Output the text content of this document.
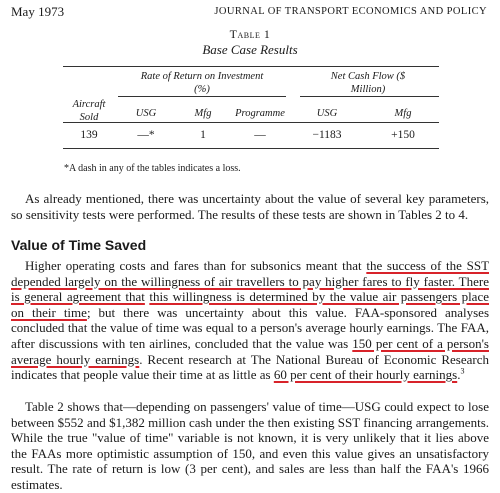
May 1973	JOURNAL OF TRANSPORT ECONOMICS AND POLICY
Table 1
Base Case Results
Rate of Return on Investment (%)
Net Cash Flow ($ Million)
Aircraft Sold	USG	Mfg	Programme	USG	Mfg
139	—*	1	—	−1183	+150
*A dash in any of the tables indicates a loss.

As already mentioned, there was uncertainty about the value of several key parameters, so sensitivity tests were performed. The results of these tests are shown in Tables 2 to 4.

Value of Time Saved

Higher operating costs and fares than for subsonics meant that the success of the SST depended largely on the willingness of air travellers to pay higher fares to fly faster. There is general agreement that this willingness is determined by the value air passengers place on their time; but there was uncertainty about this value. FAA-sponsored analyses concluded that the value of time was equal to a person's average hourly earnings. The FAA, after discussions with ten airlines, concluded that the value was 150 per cent of a person's average hourly earnings. Recent research at The National Bureau of Economic Research indicates that people value their time at as little as 60 per cent of their hourly earnings.$^3$

Table 2 shows that—depending on passengers' value of time—USG could expect to lose between $552 and $1,382 million cash under the then existing SST financing arrangements. While the true "value of time" variable is not known, it is very unlikely that it lies above the FAAs more optimistic assumption of 150, and even this value gives an unsatisfactory result. The rate of return is low (3 per cent), and sales are less than half the FAA's 1966 estimates.
